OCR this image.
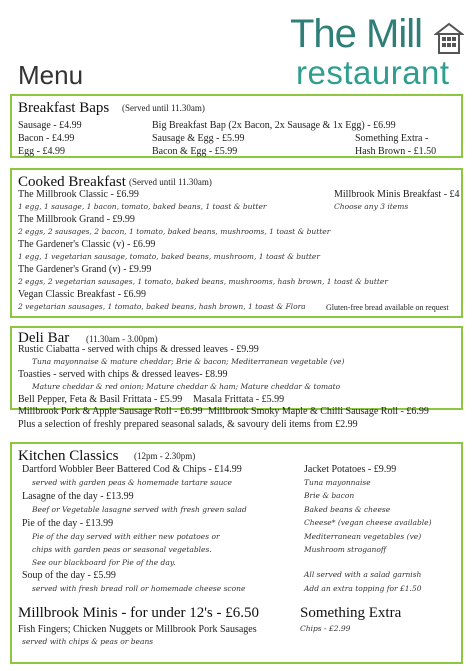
The Mill
restaurant
Menu
Breakfast Baps (Served until 11.30am)
Sausage - £4.99
Bacon - £4.99
Egg - £4.99
Big Breakfast Bap (2x Bacon, 2x Sausage & 1x Egg) - £6.99
Sausage & Egg - £5.99
Bacon & Egg - £5.99
Something Extra -
Hash Brown - £1.50
Cooked Breakfast (Served until 11.30am)
The Millbrook Classic - £6.99
1 egg, 1 sausage, 1 bacon, tomato, baked beans, 1 toast & butter
The Millbrook Grand - £9.99
2 eggs, 2 sausages, 2 bacon, 1 tomato, baked beans, mushrooms, 1 toast & butter
The Gardener's Classic (v) - £6.99
1 egg, 1 vegetarian sausage, tomato, baked beans, mushroom, 1 toast & butter
The Gardener's Grand (v) - £9.99
2 eggs, 2 vegetarian sausages, 1 tomato, baked beans, mushrooms, hash brown, 1 toast & butter
Vegan Classic Breakfast - £6.99
2 vegetarian sausages, 1 tomato, baked beans, hash brown, 1 toast & Flora
Millbrook Minis Breakfast - £4
Choose any 3 items
Gluten-free bread available on request
Deli Bar (11.30am - 3.00pm)
Rustic Ciabatta - served with chips & dressed leaves - £9.99
Tuna mayonnaise & mature cheddar; Brie & bacon; Mediterranean vegetable (ve)
Toasties - served with chips & dressed leaves- £8.99
Mature cheddar & red onion; Mature cheddar & ham; Mature cheddar & tomato
Bell Pepper, Feta & Basil Frittata - £5.99 Masala Frittata - £5.99
Millbrook Pork & Apple Sausage Roll - £6.99 Millbrook Smoky Maple & Chilli Sausage Roll - £6.99
Plus a selection of freshly prepared seasonal salads, & savoury deli items from £2.99
Kitchen Classics (12pm - 2.30pm)
Dartford Wobbler Beer Battered Cod & Chips - £14.99
served with garden peas & homemade tartare sauce
Lasagne of the day - £13.99
Beef or Vegetable lasagne served with fresh green salad
Pie of the day - £13.99
Pie of the day served with either new potatoes or
chips with garden peas or seasonal vegetables.
See our blackboard for Pie of the day.
Soup of the day - £5.99
served with fresh bread roll or homemade cheese scone
Jacket Potatoes - £9.99
Tuna mayonnaise
Brie & bacon
Baked beans & cheese
Cheese* (vegan cheese available)
Mediterranean vegetables (ve)
Mushroom stroganoff
All served with a salad garnish
Add an extra topping for £1.50
Millbrook Minis - for under 12's - £6.50
Fish Fingers; Chicken Nuggets or Millbrook Pork Sausages
served with chips & peas or beans
Something Extra
Chips - £2.99
